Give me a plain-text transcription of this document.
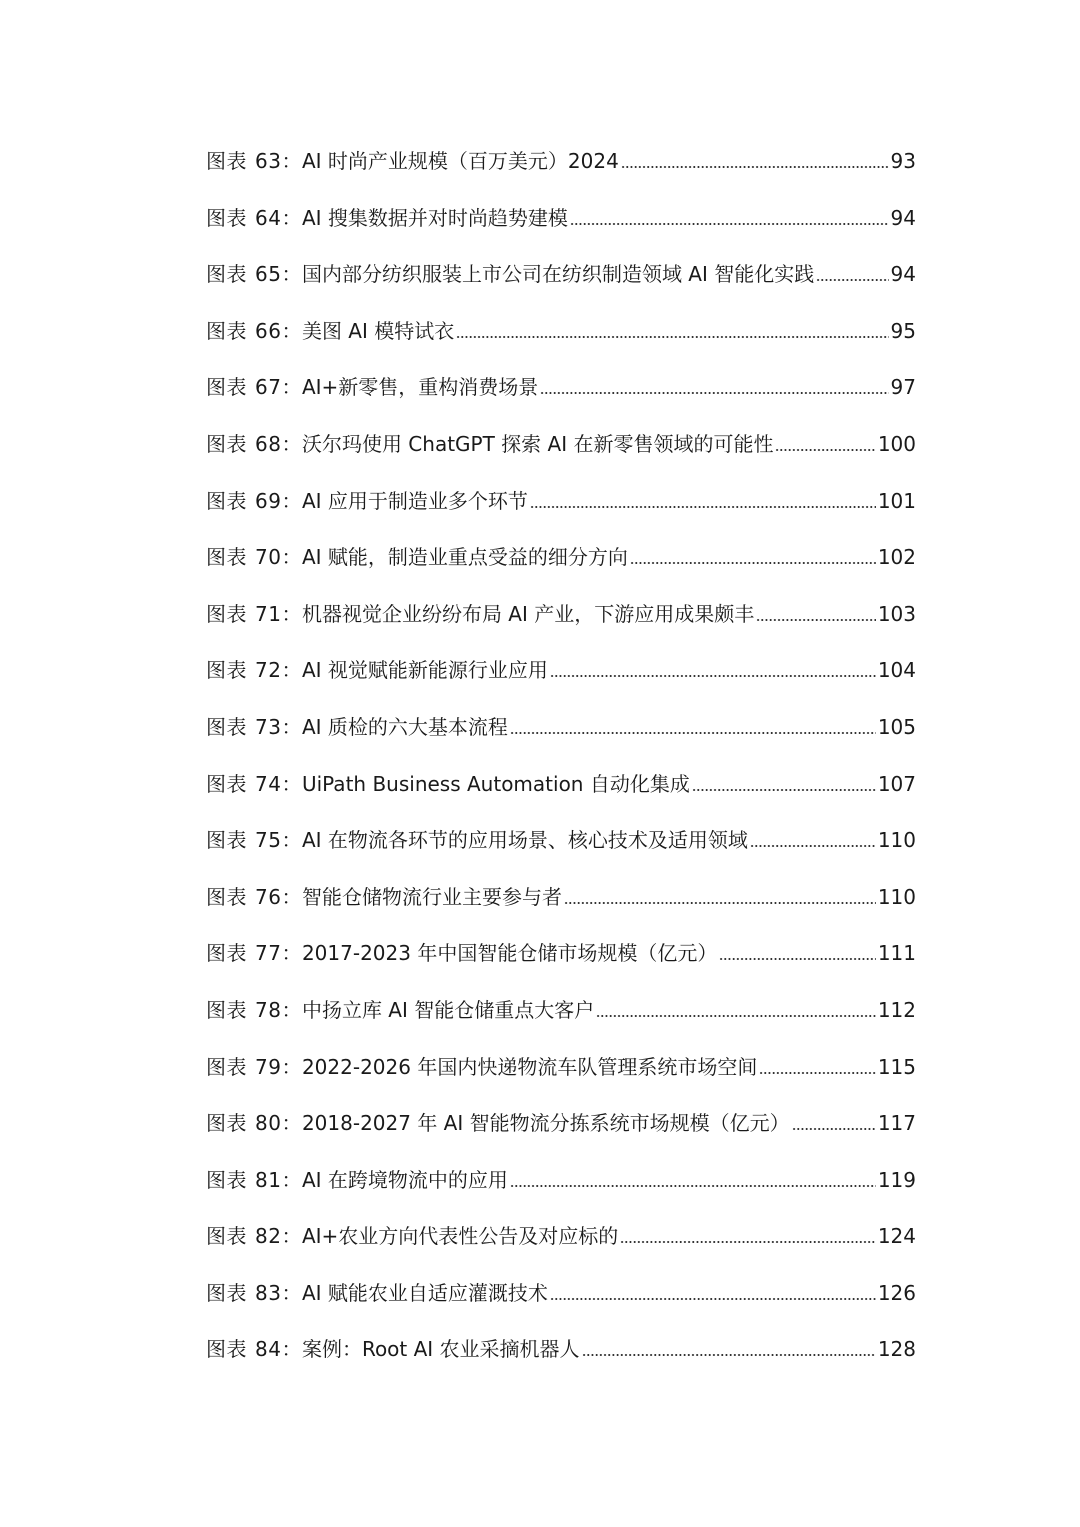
图表 63： AI 时尚产业规模（百万美元）2024	93
图表 64： AI 搜集数据并对时尚趋势建模	94
图表 65： 国内部分纺织服装上市公司在纺织制造领域 AI 智能化实践	94
图表 66： 美图 AI 模特试衣	95
图表 67： AI+新零售，重构消费场景	97
图表 68： 沃尔玛使用 ChatGPT 探索 AI 在新零售领域的可能性	100
图表 69： AI 应用于制造业多个环节	101
图表 70： AI 赋能，制造业重点受益的细分方向	102
图表 71： 机器视觉企业纷纷布局 AI 产业，下游应用成果颇丰	103
图表 72： AI 视觉赋能新能源行业应用	104
图表 73： AI 质检的六大基本流程	105
图表 74： UiPath Business Automation 自动化集成	107
图表 75： AI 在物流各环节的应用场景、核心技术及适用领域	110
图表 76： 智能仓储物流行业主要参与者	110
图表 77： 2017-2023 年中国智能仓储市场规模（亿元）	111
图表 78： 中扬立库 AI 智能仓储重点大客户	112
图表 79： 2022-2026 年国内快递物流车队管理系统市场空间	115
图表 80： 2018-2027 年 AI 智能物流分拣系统市场规模（亿元）	117
图表 81： AI 在跨境物流中的应用	119
图表 82： AI+农业方向代表性公告及对应标的	124
图表 83： AI 赋能农业自适应灌溉技术	126
图表 84： 案例：Root AI 农业采摘机器人	128
